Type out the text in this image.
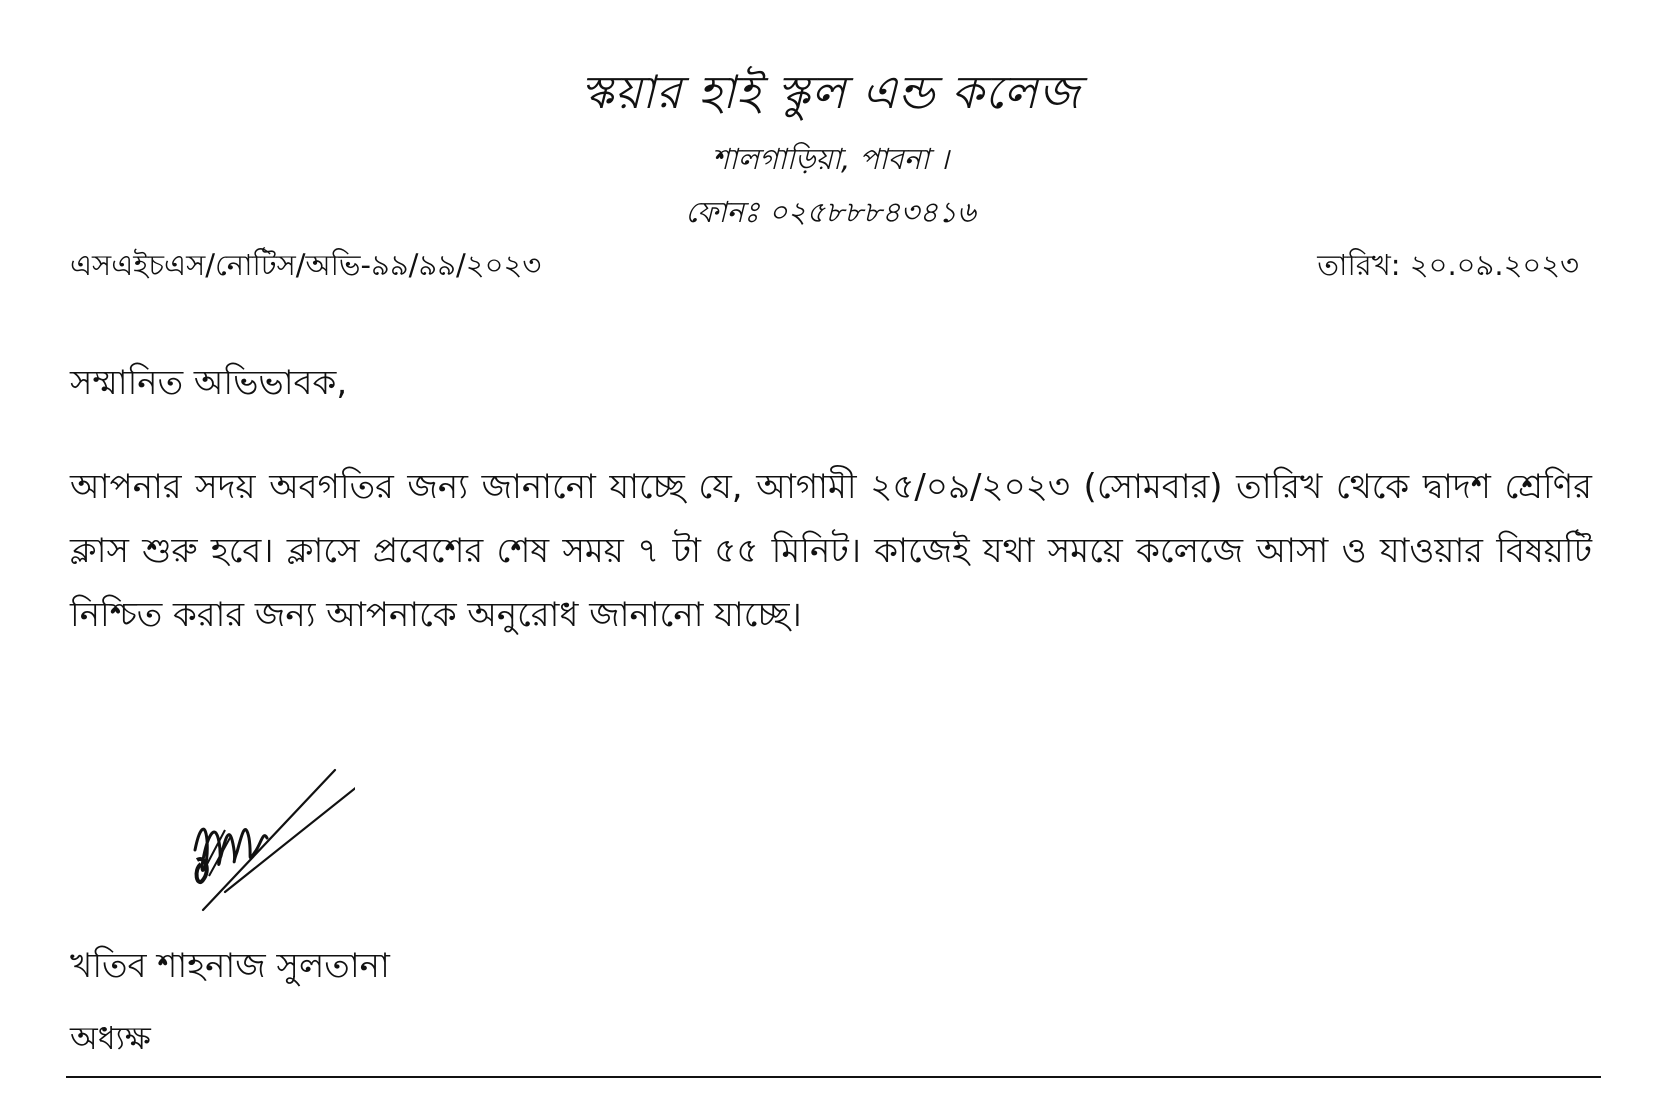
স্কয়ার হাই স্কুল এন্ড কলেজ
শালগাড়িয়া, পাবনা ।
ফোনঃ ০২৫৮৮৮৪৩৪১৬
এসএইচএস/নোটিস/অভি-৯৯/৯৯/২০২৩	তারিখ: ২০.০৯.২০২৩
সম্মানিত অভিভাবক,
আপনার সদয় অবগতির জন্য জানানো যাচ্ছে যে, আগামী ২৫/০৯/২০২৩ (সোমবার) তারিখ থেকে দ্বাদশ শ্রেণির ক্লাস শুরু হবে। ক্লাসে প্রবেশের শেষ সময় ৭ টা ৫৫ মিনিট। কাজেই যথা সময়ে কলেজে আসা ও যাওয়ার বিষয়টি নিশ্চিত করার জন্য আপনাকে অনুরোধ জানানো যাচ্ছে।
খতিব শাহনাজ সুলতানা
অধ্যক্ষ
